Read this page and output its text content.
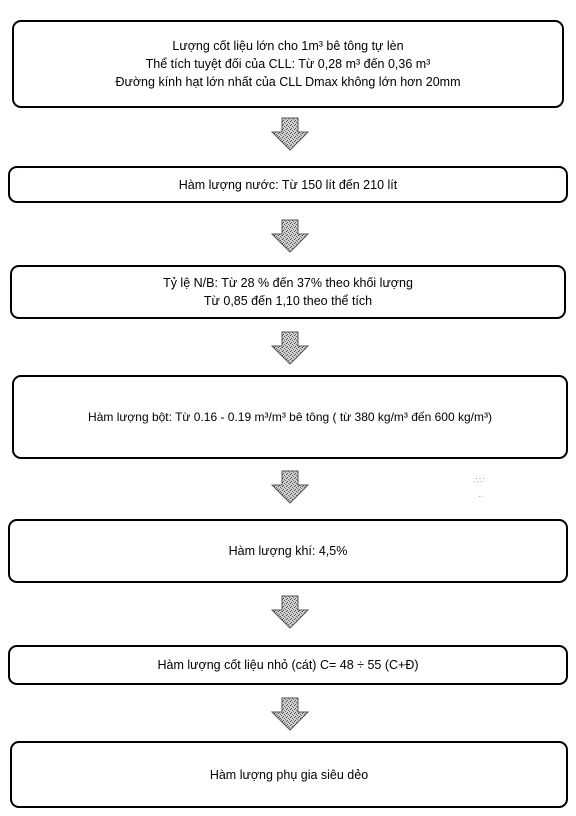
Lượng cốt liệu lớn cho 1m³ bê tông tự lèn
Thể tích tuyệt đối của CLL: Từ 0,28 m³ đến 0,36 m³
Đường kính hạt lớn nhất của CLL Dmax không lớn hơn 20mm
Hàm lượng nước: Từ 150 lít đến 210 lít
Tỷ lệ N/B: Từ 28 % đến 37% theo khối lượng
Từ 0,85 đến 1,10 theo thể tích
Hàm lượng bột: Từ 0.16 - 0.19 m³/m³ bê tông ( từ 380 kg/m³ đến 600 kg/m³)
Hàm lượng khí: 4,5%
Hàm lượng cốt liệu nhỏ (cát) C= 48 ÷ 55 (C+Đ)
Hàm lượng phụ gia siêu dẻo
∴∵
··
